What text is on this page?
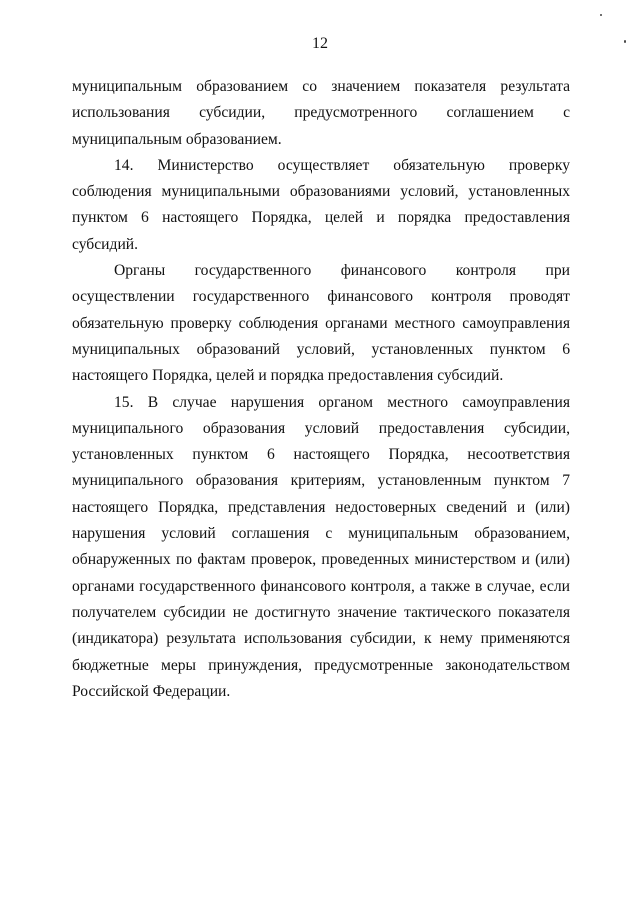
12

муниципальным образованием со значением показателя результата использования субсидии, предусмотренного соглашением с муниципальным образованием.

14. Министерство осуществляет обязательную проверку соблюдения муниципальными образованиями условий, установленных пунктом 6 настоящего Порядка, целей и порядка предоставления субсидий.

Органы государственного финансового контроля при осуществлении государственного финансового контроля проводят обязательную проверку соблюдения органами местного самоуправления муниципальных образований условий, установленных пунктом 6 настоящего Порядка, целей и порядка предоставления субсидий.

15. В случае нарушения органом местного самоуправления муниципального образования условий предоставления субсидии, установленных пунктом 6 настоящего Порядка, несоответствия муниципального образования критериям, установленным пунктом 7 настоящего Порядка, представления недостоверных сведений и (или) нарушения условий соглашения с муниципальным образованием, обнаруженных по фактам проверок, проведенных министерством и (или) органами государственного финансового контроля, а также в случае, если получателем субсидии не достигнуто значение тактического показателя (индикатора) результата использования субсидии, к нему применяются бюджетные меры принуждения, предусмотренные законодательством Российской Федерации.
